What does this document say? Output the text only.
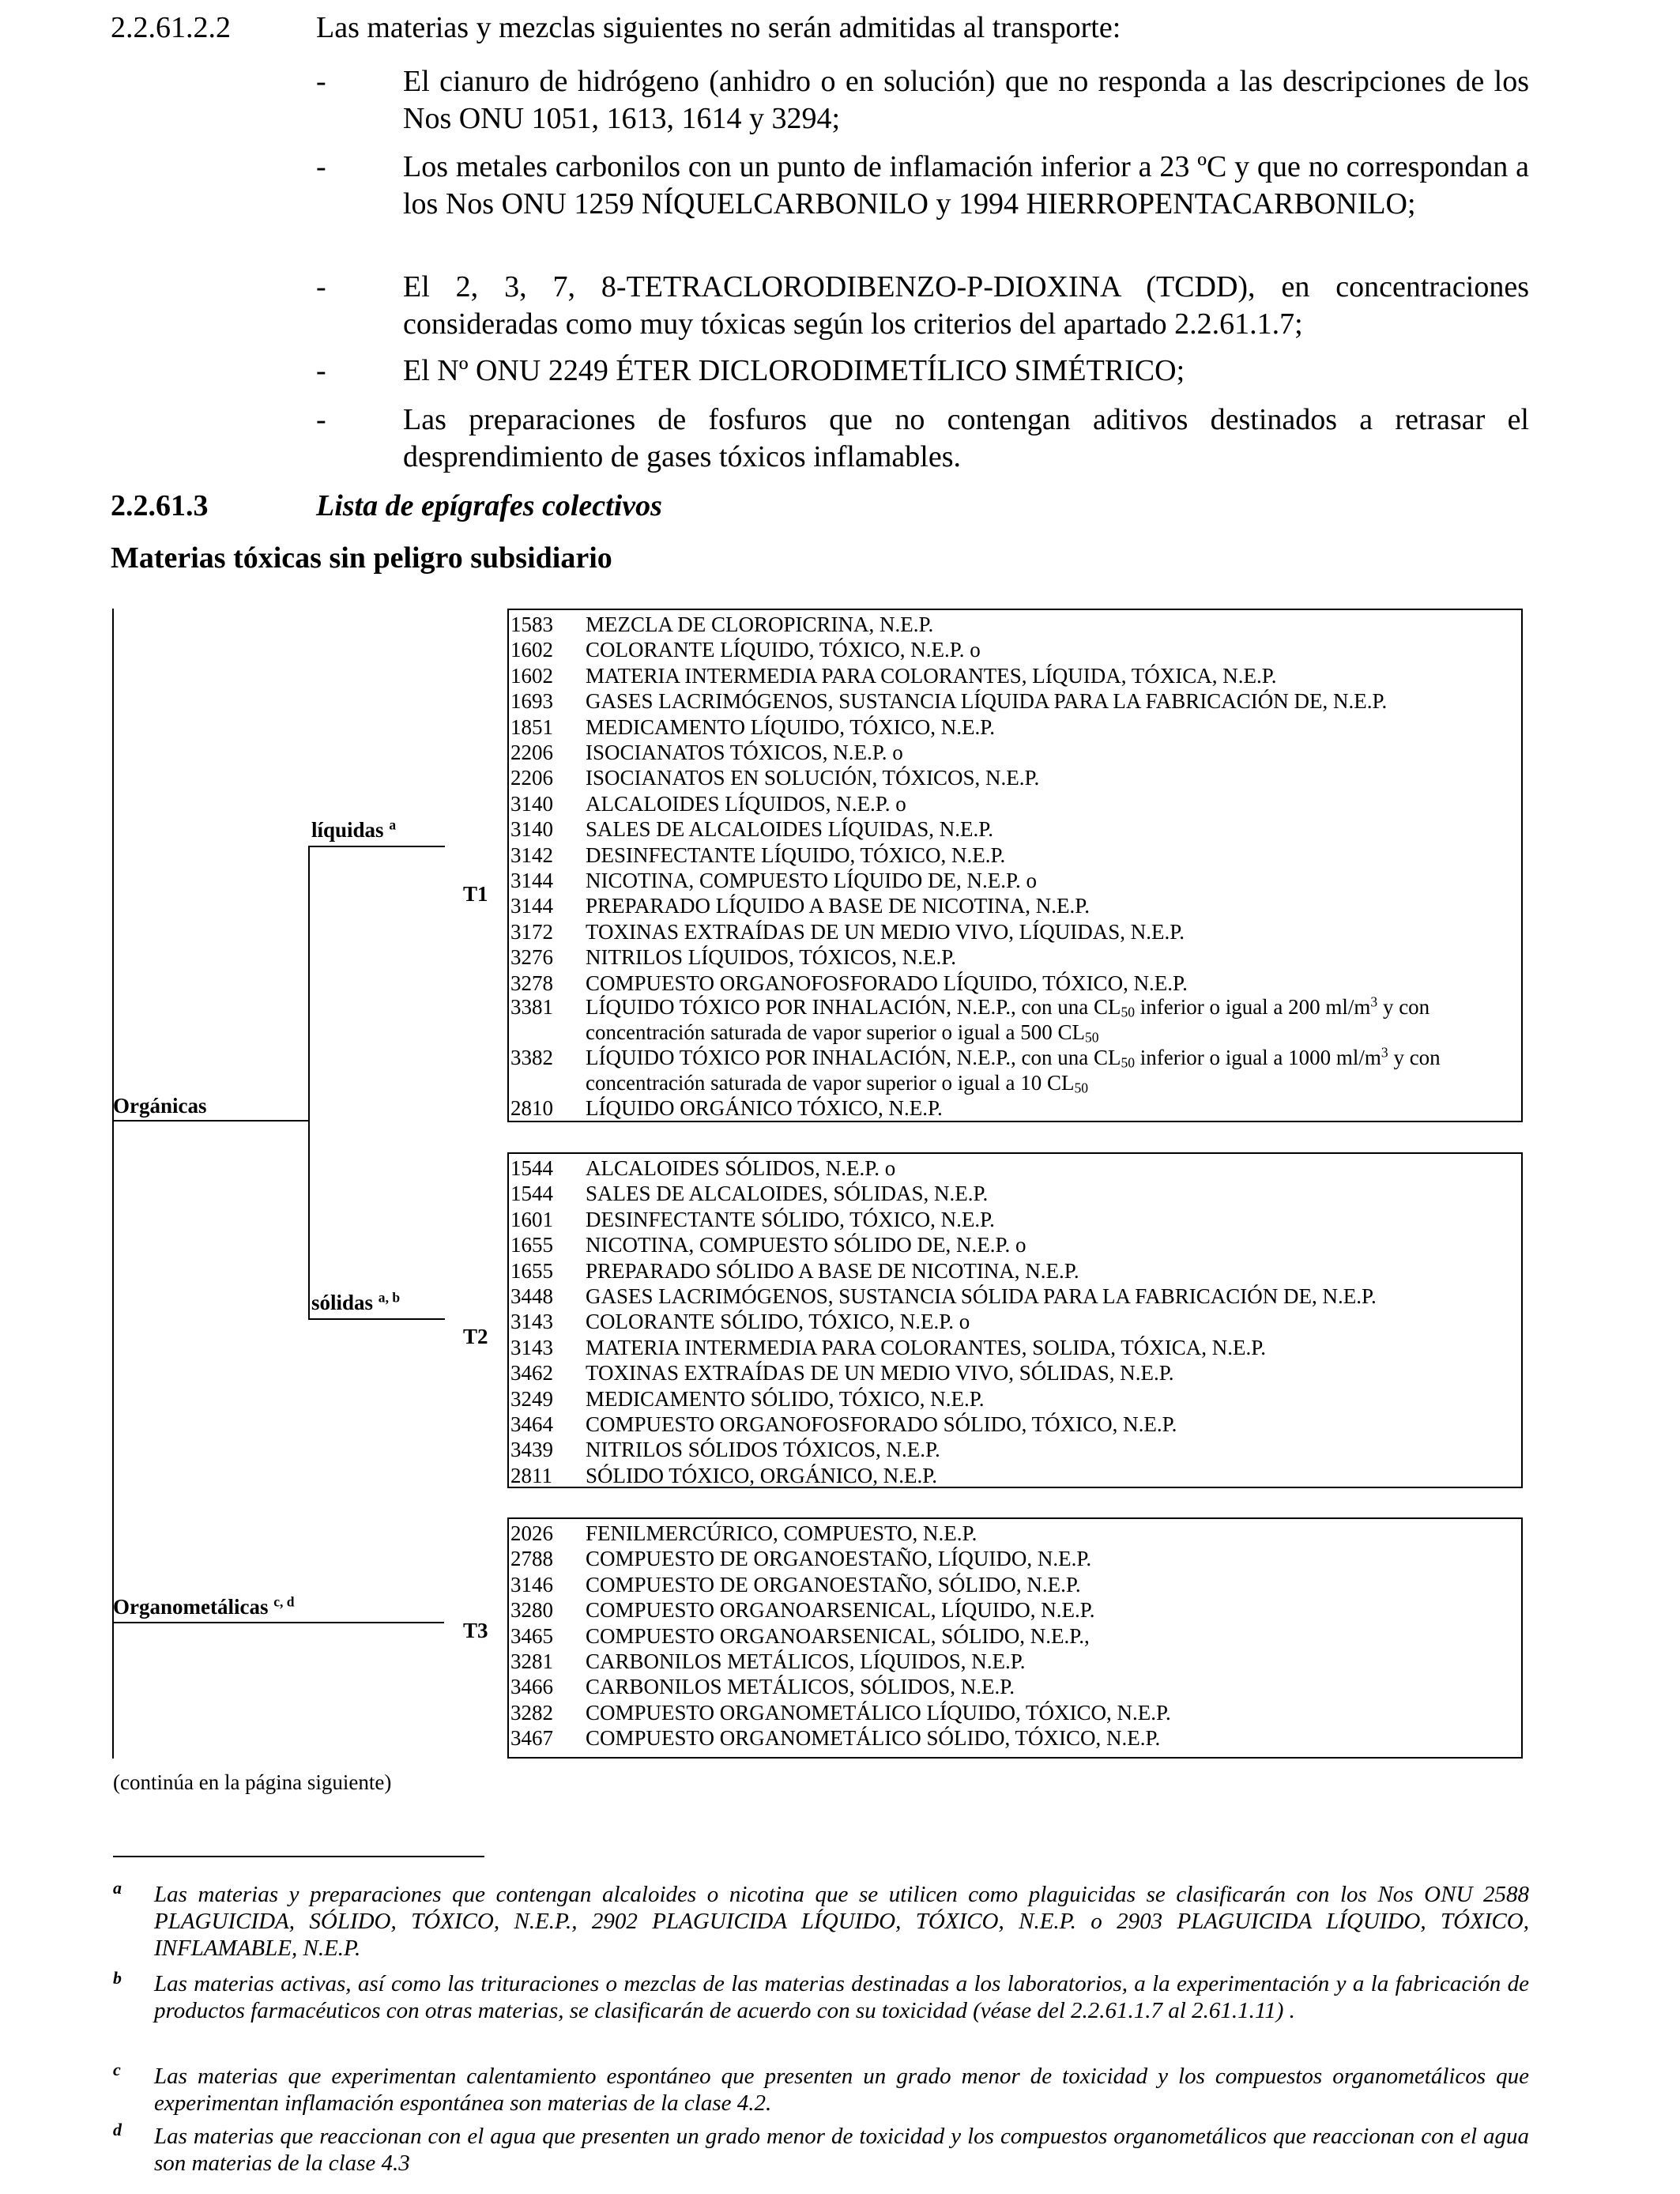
2.2.61.2.2	Las materias y mezclas siguientes no serán admitidas al transporte:
-	El cianuro de hidrógeno (anhidro o en solución) que no responda a las descripciones de los Nos ONU 1051, 1613, 1614 y 3294;
-	Los metales carbonilos con un punto de inflamación inferior a 23 ºC y que no correspondan a los Nos ONU 1259 NÍQUELCARBONILO y 1994 HIERROPENTACARBONILO;
-	El 2, 3, 7, 8-TETRACLORODIBENZO-P-DIOXINA (TCDD), en concentraciones consideradas como muy tóxicas según los criterios del apartado 2.2.61.1.7;
-	El Nº ONU 2249 ÉTER DICLORODIMETÍLICO SIMÉTRICO;
-	Las preparaciones de fosfuros que no contengan aditivos destinados a retrasar el desprendimiento de gases tóxicos inflamables.
2.2.61.3	Lista de epígrafes colectivos
Materias tóxicas sin peligro subsidiario
Orgánicas
líquidas $^a$
sólidas $^{a, b}$
Organometálicas $^{c, d}$
T1
T2
T3
1583 MEZCLA DE CLOROPICRINA, N.E.P.
1602 COLORANTE LÍQUIDO, TÓXICO, N.E.P. o
1602 MATERIA INTERMEDIA PARA COLORANTES, LÍQUIDA, TÓXICA, N.E.P.
1693 GASES LACRIMÓGENOS, SUSTANCIA LÍQUIDA PARA LA FABRICACIÓN DE, N.E.P.
1851 MEDICAMENTO LÍQUIDO, TÓXICO, N.E.P.
2206 ISOCIANATOS TÓXICOS, N.E.P. o
2206 ISOCIANATOS EN SOLUCIÓN, TÓXICOS, N.E.P.
3140 ALCALOIDES LÍQUIDOS, N.E.P. o
3140 SALES DE ALCALOIDES LÍQUIDAS, N.E.P.
3142 DESINFECTANTE LÍQUIDO, TÓXICO, N.E.P.
3144 NICOTINA, COMPUESTO LÍQUIDO DE, N.E.P. o
3144 PREPARADO LÍQUIDO A BASE DE NICOTINA, N.E.P.
3172 TOXINAS EXTRAÍDAS DE UN MEDIO VIVO, LÍQUIDAS, N.E.P.
3276 NITRILOS LÍQUIDOS, TÓXICOS, N.E.P.
3278 COMPUESTO ORGANOFOSFORADO LÍQUIDO, TÓXICO, N.E.P.
3381 LÍQUIDO TÓXICO POR INHALACIÓN, N.E.P., con una $CL_{50}$ inferior o igual a 200 $ml/m^3$ y con concentración saturada de vapor superior o igual a 500 $CL_{50}$
3382 LÍQUIDO TÓXICO POR INHALACIÓN, N.E.P., con una $CL_{50}$ inferior o igual a 1000 $ml/m^3$ y con concentración saturada de vapor superior o igual a 10 $CL_{50}$
2810 LÍQUIDO ORGÁNICO TÓXICO, N.E.P.
1544 ALCALOIDES SÓLIDOS, N.E.P. o
1544 SALES DE ALCALOIDES, SÓLIDAS, N.E.P.
1601 DESINFECTANTE SÓLIDO, TÓXICO, N.E.P.
1655 NICOTINA, COMPUESTO SÓLIDO DE, N.E.P. o
1655 PREPARADO SÓLIDO A BASE DE NICOTINA, N.E.P.
3448 GASES LACRIMÓGENOS, SUSTANCIA SÓLIDA PARA LA FABRICACIÓN DE, N.E.P.
3143 COLORANTE SÓLIDO, TÓXICO, N.E.P. o
3143 MATERIA INTERMEDIA PARA COLORANTES, SOLIDA, TÓXICA, N.E.P.
3462 TOXINAS EXTRAÍDAS DE UN MEDIO VIVO, SÓLIDAS, N.E.P.
3249 MEDICAMENTO SÓLIDO, TÓXICO, N.E.P.
3464 COMPUESTO ORGANOFOSFORADO SÓLIDO, TÓXICO, N.E.P.
3439 NITRILOS SÓLIDOS TÓXICOS, N.E.P.
2811 SÓLIDO TÓXICO, ORGÁNICO, N.E.P.
2026 FENILMERCÚRICO, COMPUESTO, N.E.P.
2788 COMPUESTO DE ORGANOESTAÑO, LÍQUIDO, N.E.P.
3146 COMPUESTO DE ORGANOESTAÑO, SÓLIDO, N.E.P.
3280 COMPUESTO ORGANOARSENICAL, LÍQUIDO, N.E.P.
3465 COMPUESTO ORGANOARSENICAL, SÓLIDO, N.E.P.,
3281 CARBONILOS METÁLICOS, LÍQUIDOS, N.E.P.
3466 CARBONILOS METÁLICOS, SÓLIDOS, N.E.P.
3282 COMPUESTO ORGANOMETÁLICO LÍQUIDO, TÓXICO, N.E.P.
3467 COMPUESTO ORGANOMETÁLICO SÓLIDO, TÓXICO, N.E.P.
(continúa en la página siguiente)
a Las materias y preparaciones que contengan alcaloides o nicotina que se utilicen como plaguicidas se clasificarán con los Nos ONU 2588 PLAGUICIDA, SÓLIDO, TÓXICO, N.E.P., 2902 PLAGUICIDA LÍQUIDO, TÓXICO, N.E.P. o 2903 PLAGUICIDA LÍQUIDO, TÓXICO, INFLAMABLE, N.E.P.
b Las materias activas, así como las trituraciones o mezclas de las materias destinadas a los laboratorios, a la experimentación y a la fabricación de productos farmacéuticos con otras materias, se clasificarán de acuerdo con su toxicidad (véase del 2.2.61.1.7 al 2.61.1.11) .
c Las materias que experimentan calentamiento espontáneo que presenten un grado menor de toxicidad y los compuestos organometálicos que experimentan inflamación espontánea son materias de la clase 4.2.
d Las materias que reaccionan con el agua que presenten un grado menor de toxicidad y los compuestos organometálicos que reaccionan con el agua son materias de la clase 4.3
